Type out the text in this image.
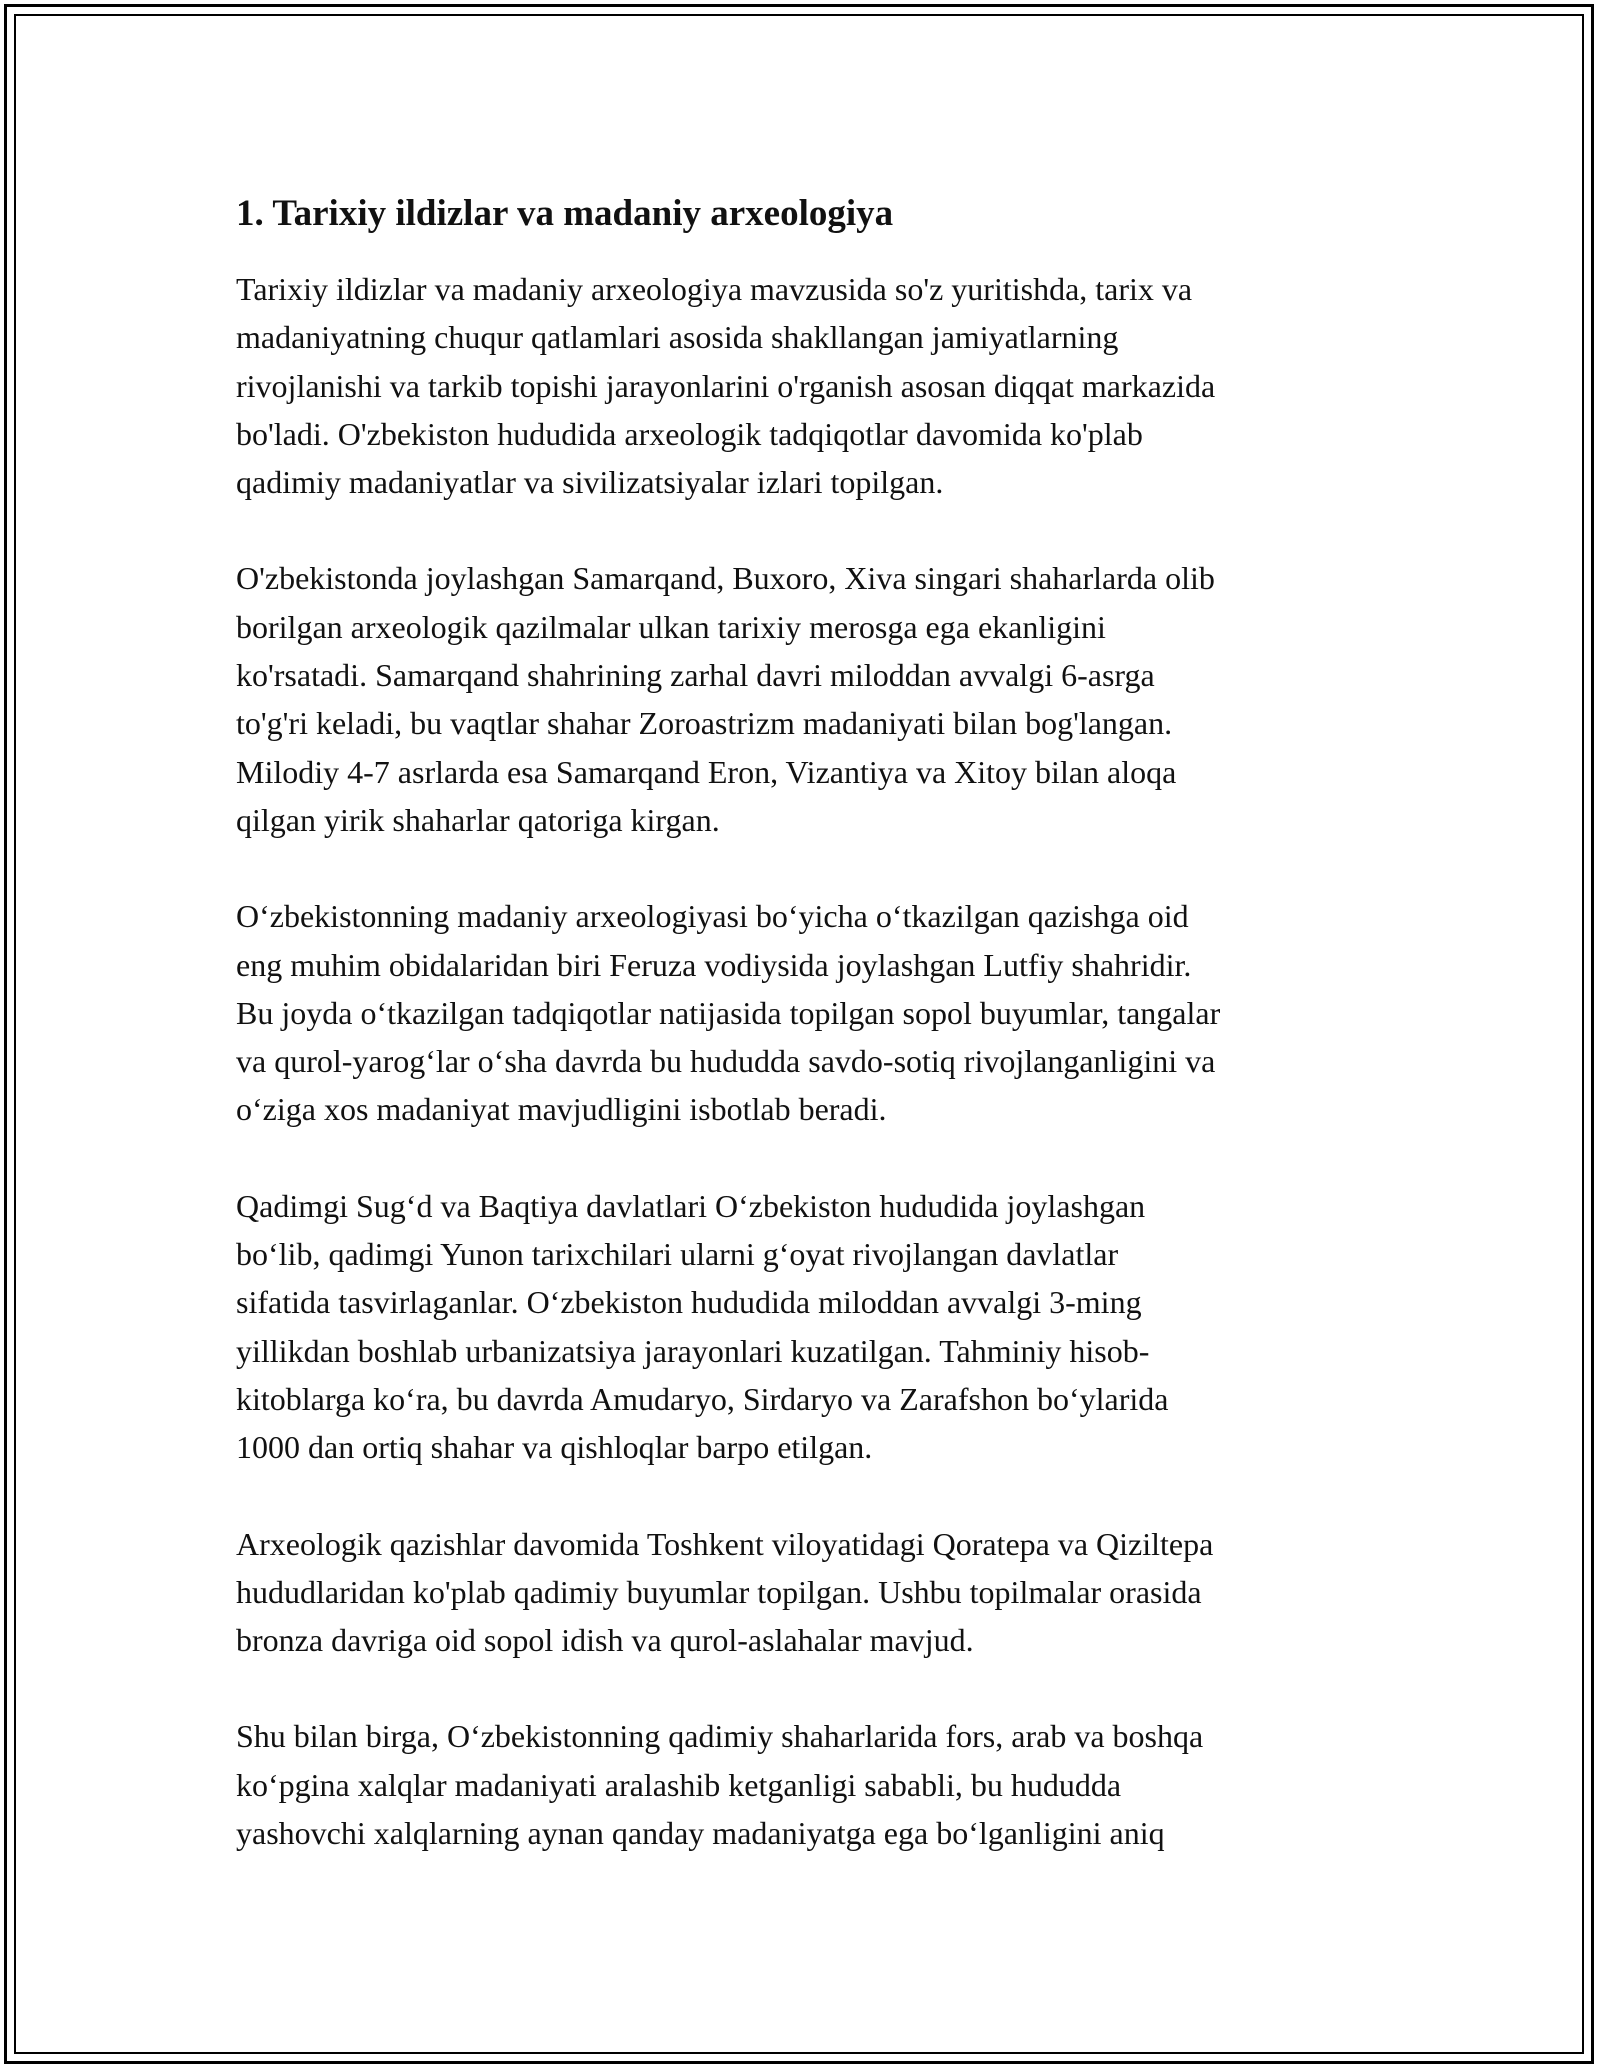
1. Tarixiy ildizlar va madaniy arxeologiya

Tarixiy ildizlar va madaniy arxeologiya mavzusida so'z yuritishda, tarix va
madaniyatning chuqur qatlamlari asosida shakllangan jamiyatlarning
rivojlanishi va tarkib topishi jarayonlarini o'rganish asosan diqqat markazida
bo'ladi. O'zbekiston hududida arxeologik tadqiqotlar davomida ko'plab
qadimiy madaniyatlar va sivilizatsiyalar izlari topilgan.

O'zbekistonda joylashgan Samarqand, Buxoro, Xiva singari shaharlarda olib
borilgan arxeologik qazilmalar ulkan tarixiy merosga ega ekanligini
ko'rsatadi. Samarqand shahrining zarhal davri miloddan avvalgi 6-asrga
to'g'ri keladi, bu vaqtlar shahar Zoroastrizm madaniyati bilan bog'langan.
Milodiy 4-7 asrlarda esa Samarqand Eron, Vizantiya va Xitoy bilan aloqa
qilgan yirik shaharlar qatoriga kirgan.

O‘zbekistonning madaniy arxeologiyasi bo‘yicha o‘tkazilgan qazishga oid
eng muhim obidalaridan biri Feruza vodiysida joylashgan Lutfiy shahridir.
Bu joyda o‘tkazilgan tadqiqotlar natijasida topilgan sopol buyumlar, tangalar
va qurol-yarog‘lar o‘sha davrda bu hududda savdo-sotiq rivojlanganligini va
o‘ziga xos madaniyat mavjudligini isbotlab beradi.

Qadimgi Sug‘d va Baqtiya davlatlari O‘zbekiston hududida joylashgan
bo‘lib, qadimgi Yunon tarixchilari ularni g‘oyat rivojlangan davlatlar
sifatida tasvirlaganlar. O‘zbekiston hududida miloddan avvalgi 3-ming
yillikdan boshlab urbanizatsiya jarayonlari kuzatilgan. Tahminiy hisob-
kitoblarga ko‘ra, bu davrda Amudaryo, Sirdaryo va Zarafshon bo‘ylarida
1000 dan ortiq shahar va qishloqlar barpo etilgan.

Arxeologik qazishlar davomida Toshkent viloyatidagi Qoratepa va Qiziltepa
hududlaridan ko'plab qadimiy buyumlar topilgan. Ushbu topilmalar orasida
bronza davriga oid sopol idish va qurol-aslahalar mavjud.

Shu bilan birga, O‘zbekistonning qadimiy shaharlarida fors, arab va boshqa
ko‘pgina xalqlar madaniyati aralashib ketganligi sababli, bu hududda
yashovchi xalqlarning aynan qanday madaniyatga ega bo‘lganligini aniq
